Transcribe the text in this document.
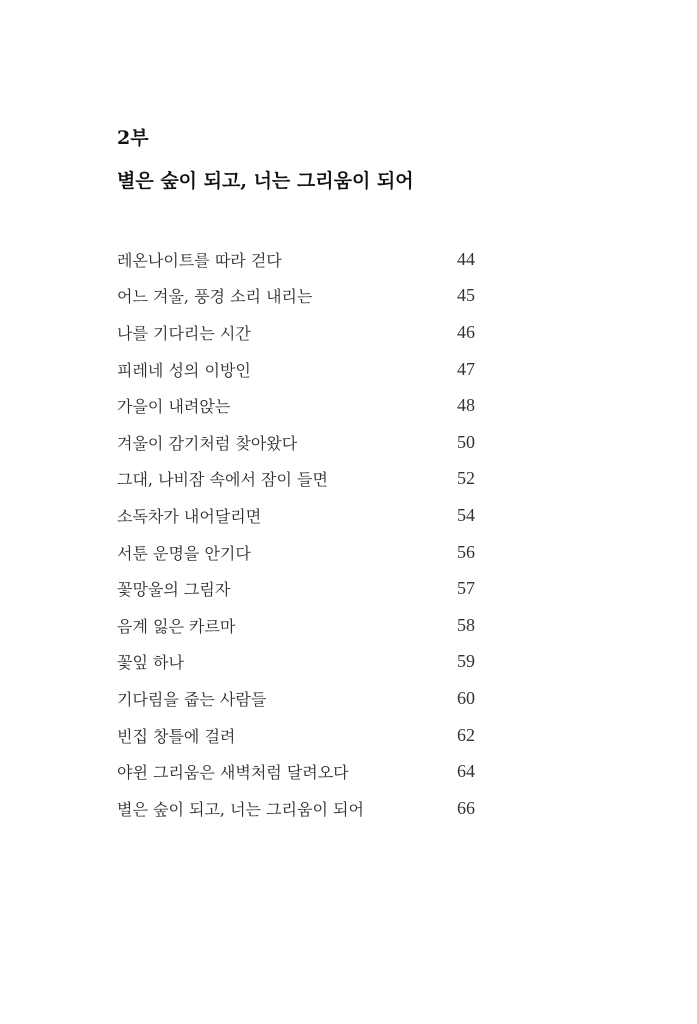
2부
별은 숲이 되고, 너는 그리움이 되어
레온나이트를 따라 걷다	44
어느 겨울, 풍경 소리 내리는	45
나를 기다리는 시간	46
피레네 성의 이방인	47
가을이 내려앉는	48
겨울이 감기처럼 찾아왔다	50
그대, 나비잠 속에서 잠이 들면	52
소독차가 내어달리면	54
서툰 운명을 안기다	56
꽃망울의 그림자	57
음계 잃은 카르마	58
꽃잎 하나	59
기다림을 줍는 사람들	60
빈집 창틀에 걸려	62
야윈 그리움은 새벽처럼 달려오다	64
별은 숲이 되고, 너는 그리움이 되어	66
